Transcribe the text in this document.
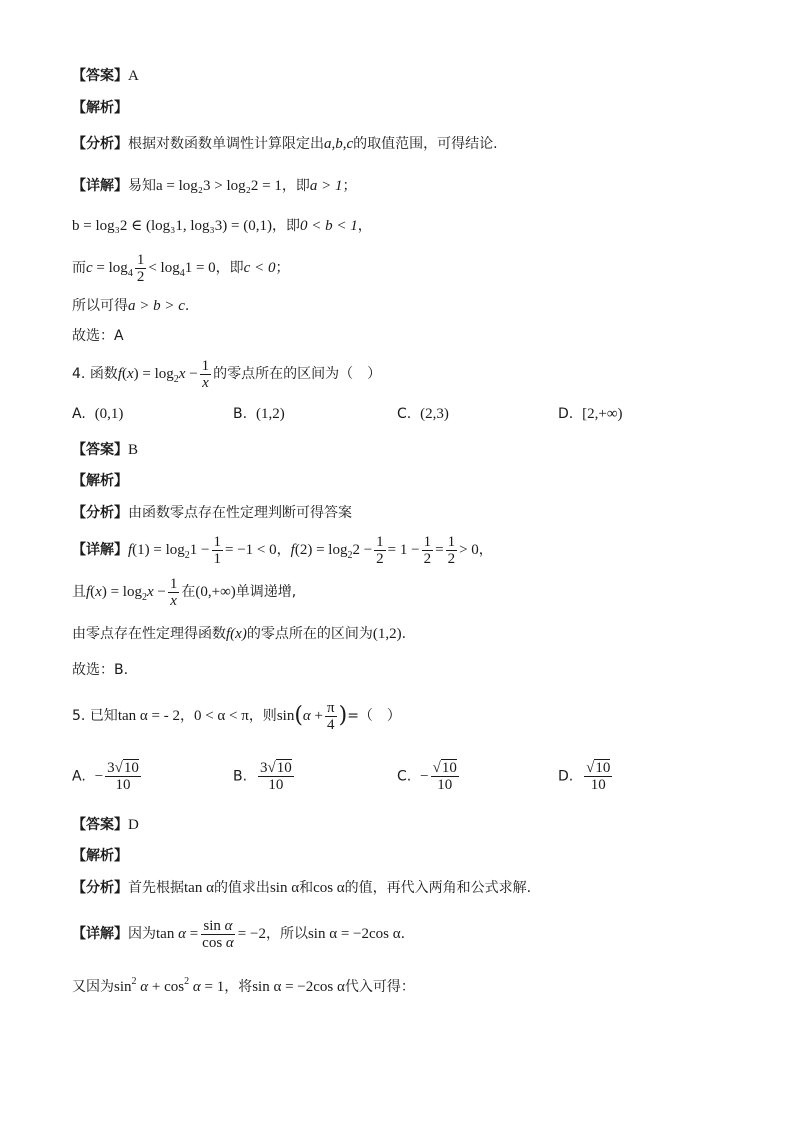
【答案】A
【解析】
【分析】根据对数函数单调性计算限定出a,b,c的取值范围，可得结论.
【详解】易知a = log₂3 > log₂2 = 1，即a > 1；
b = log₃2 ∈ (log₃1, log₃3) = (0,1)，即0 < b < 1，
而$c = \log_4 \frac{1}{2} < \log_41 = 0$，即c < 0；
所以可得a > b > c.
故选：A
4. 函数$f(x) = \log_2x - \frac{1}{x}$ 的零点所在的区间为（　）
A. (0,1)	B. (1,2)	C. (2,3)	D. [2,+∞)
【答案】B
【解析】
【分析】由函数零点存在性定理判断可得答案
【详解】$f(1) = \log_21 - \frac{1}{1} = -1 < 0$，$f(2) = \log_22 - \frac{1}{2} = 1 - \frac{1}{2} = \frac{1}{2} > 0$，
且$f(x) = \log_2x - \frac{1}{x}$ 在(0,+∞)单调递增,
由零点存在性定理得函数f(x)的零点所在的区间为(1,2).
故选：B.
5. 已知tan α = - 2，0 < α < π，则$\sin(\alpha + \frac{\pi}{4}$ )=（　）
A. − $\frac{3√10}{10}$	B. $\frac{3√10}{10}$	C. − $\frac{√10}{10}$	D. $\frac{√10}{10}$
【答案】D
【解析】
【分析】首先根据tan α的值求出sin α和cos α的值，再代入两角和公式求解.
【详解】因为$\tan \alpha = \frac{\text{sin α}}{\text{cos α}} = -2$，所以sin α = −2cos α.
又因为$\sin^2 \alpha + \cos^2 \alpha = 1$，将sin α = −2cos α代入可得：
